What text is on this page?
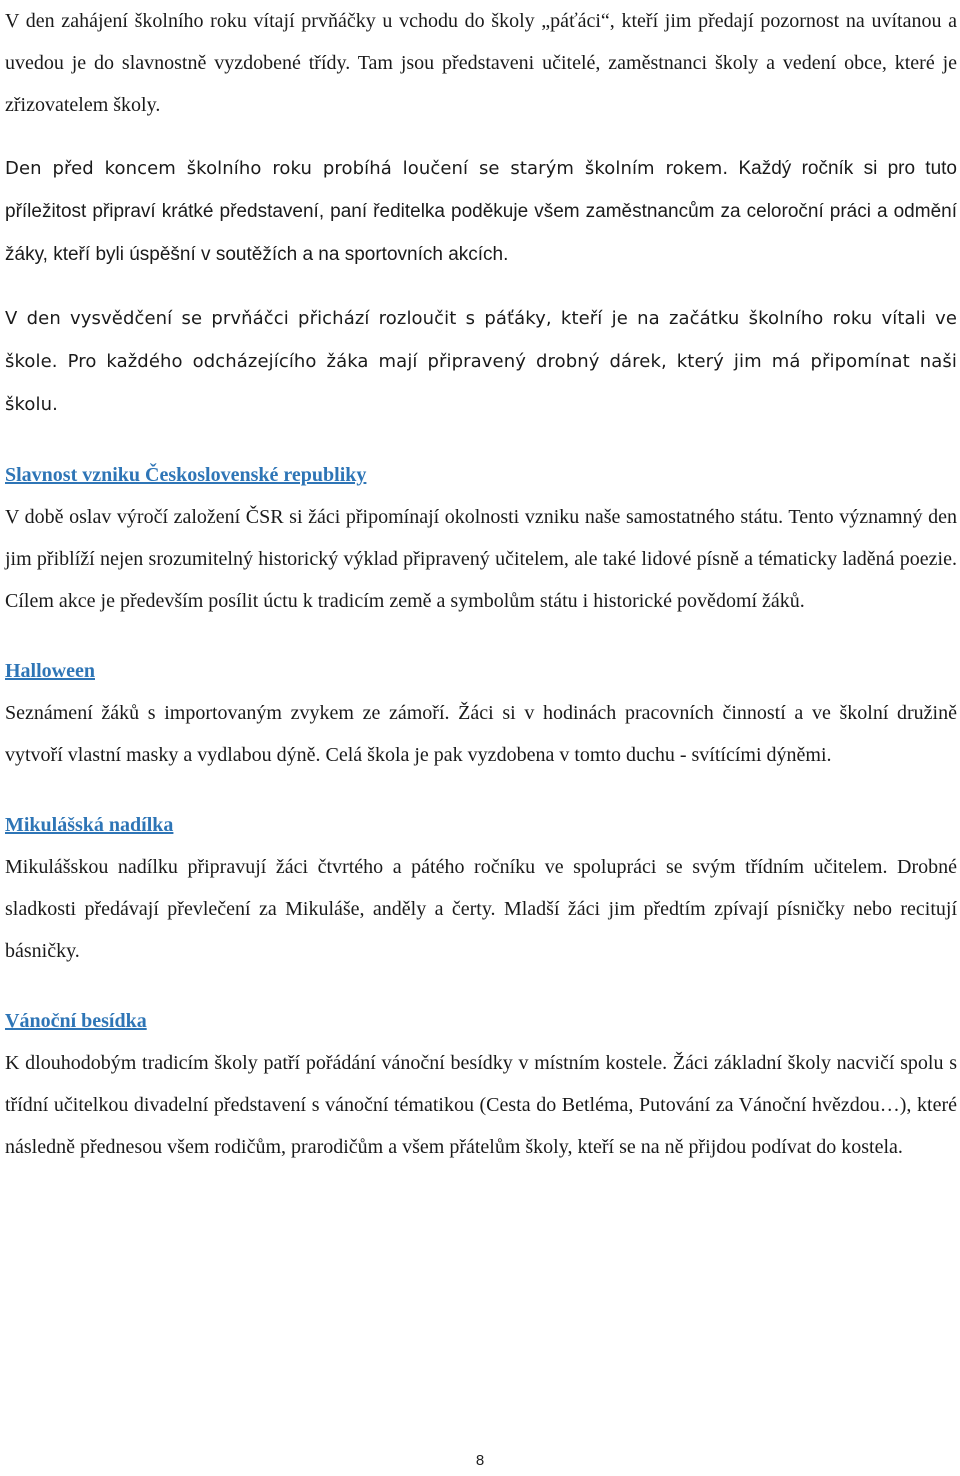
V den zahájení školního roku vítají prvňáčky u vchodu do školy „páťáci“, kteří jim předají pozornost na uvítanou a uvedou je do slavnostně vyzdobené třídy. Tam jsou představeni učitelé, zaměstnanci školy a vedení obce, které je zřizovatelem školy.

Den před koncem školního roku probíhá loučení se starým školním rokem. Každý ročník si pro tuto příležitost připraví krátké představení, paní ředitelka poděkuje všem zaměstnancům za celoroční práci a odmění žáky, kteří byli úspěšní v soutěžích a na sportovních akcích.

V den vysvědčení se prvňáčci přichází rozloučit s páťáky, kteří je na začátku školního roku vítali ve škole. Pro každého odcházejícího žáka mají připravený drobný dárek, který jim má připomínat naši školu.

Slavnost vzniku Československé republiky

V době oslav výročí založení ČSR si žáci připomínají okolnosti vzniku naše samostatného státu. Tento významný den jim přiblíží nejen srozumitelný historický výklad připravený učitelem, ale také lidové písně a tématicky laděná poezie. Cílem akce je především posílit úctu k tradicím země a symbolům státu i historické povědomí žáků.

Halloween

Seznámení žáků s importovaným zvykem ze zámoří. Žáci si v hodinách pracovních činností a ve školní družině vytvoří vlastní masky a vydlabou dýně. Celá škola je pak vyzdobena v tomto duchu - svítícími dýněmi.

Mikulášská nadílka

Mikulášskou nadílku připravují žáci čtvrtého a pátého ročníku ve spolupráci se svým třídním učitelem. Drobné sladkosti předávají převlečení za Mikuláše, anděly a čerty. Mladší žáci jim předtím zpívají písničky nebo recitují básničky.

Vánoční besídka

K dlouhodobým tradicím školy patří pořádání vánoční besídky v místním kostele. Žáci základní školy nacvičí spolu s třídní učitelkou divadelní představení s vánoční tématikou (Cesta do Betléma, Putování za Vánoční hvězdou…), které následně přednesou všem rodičům, prarodičům a všem přátelům školy, kteří se na ně přijdou podívat do kostela.

8
